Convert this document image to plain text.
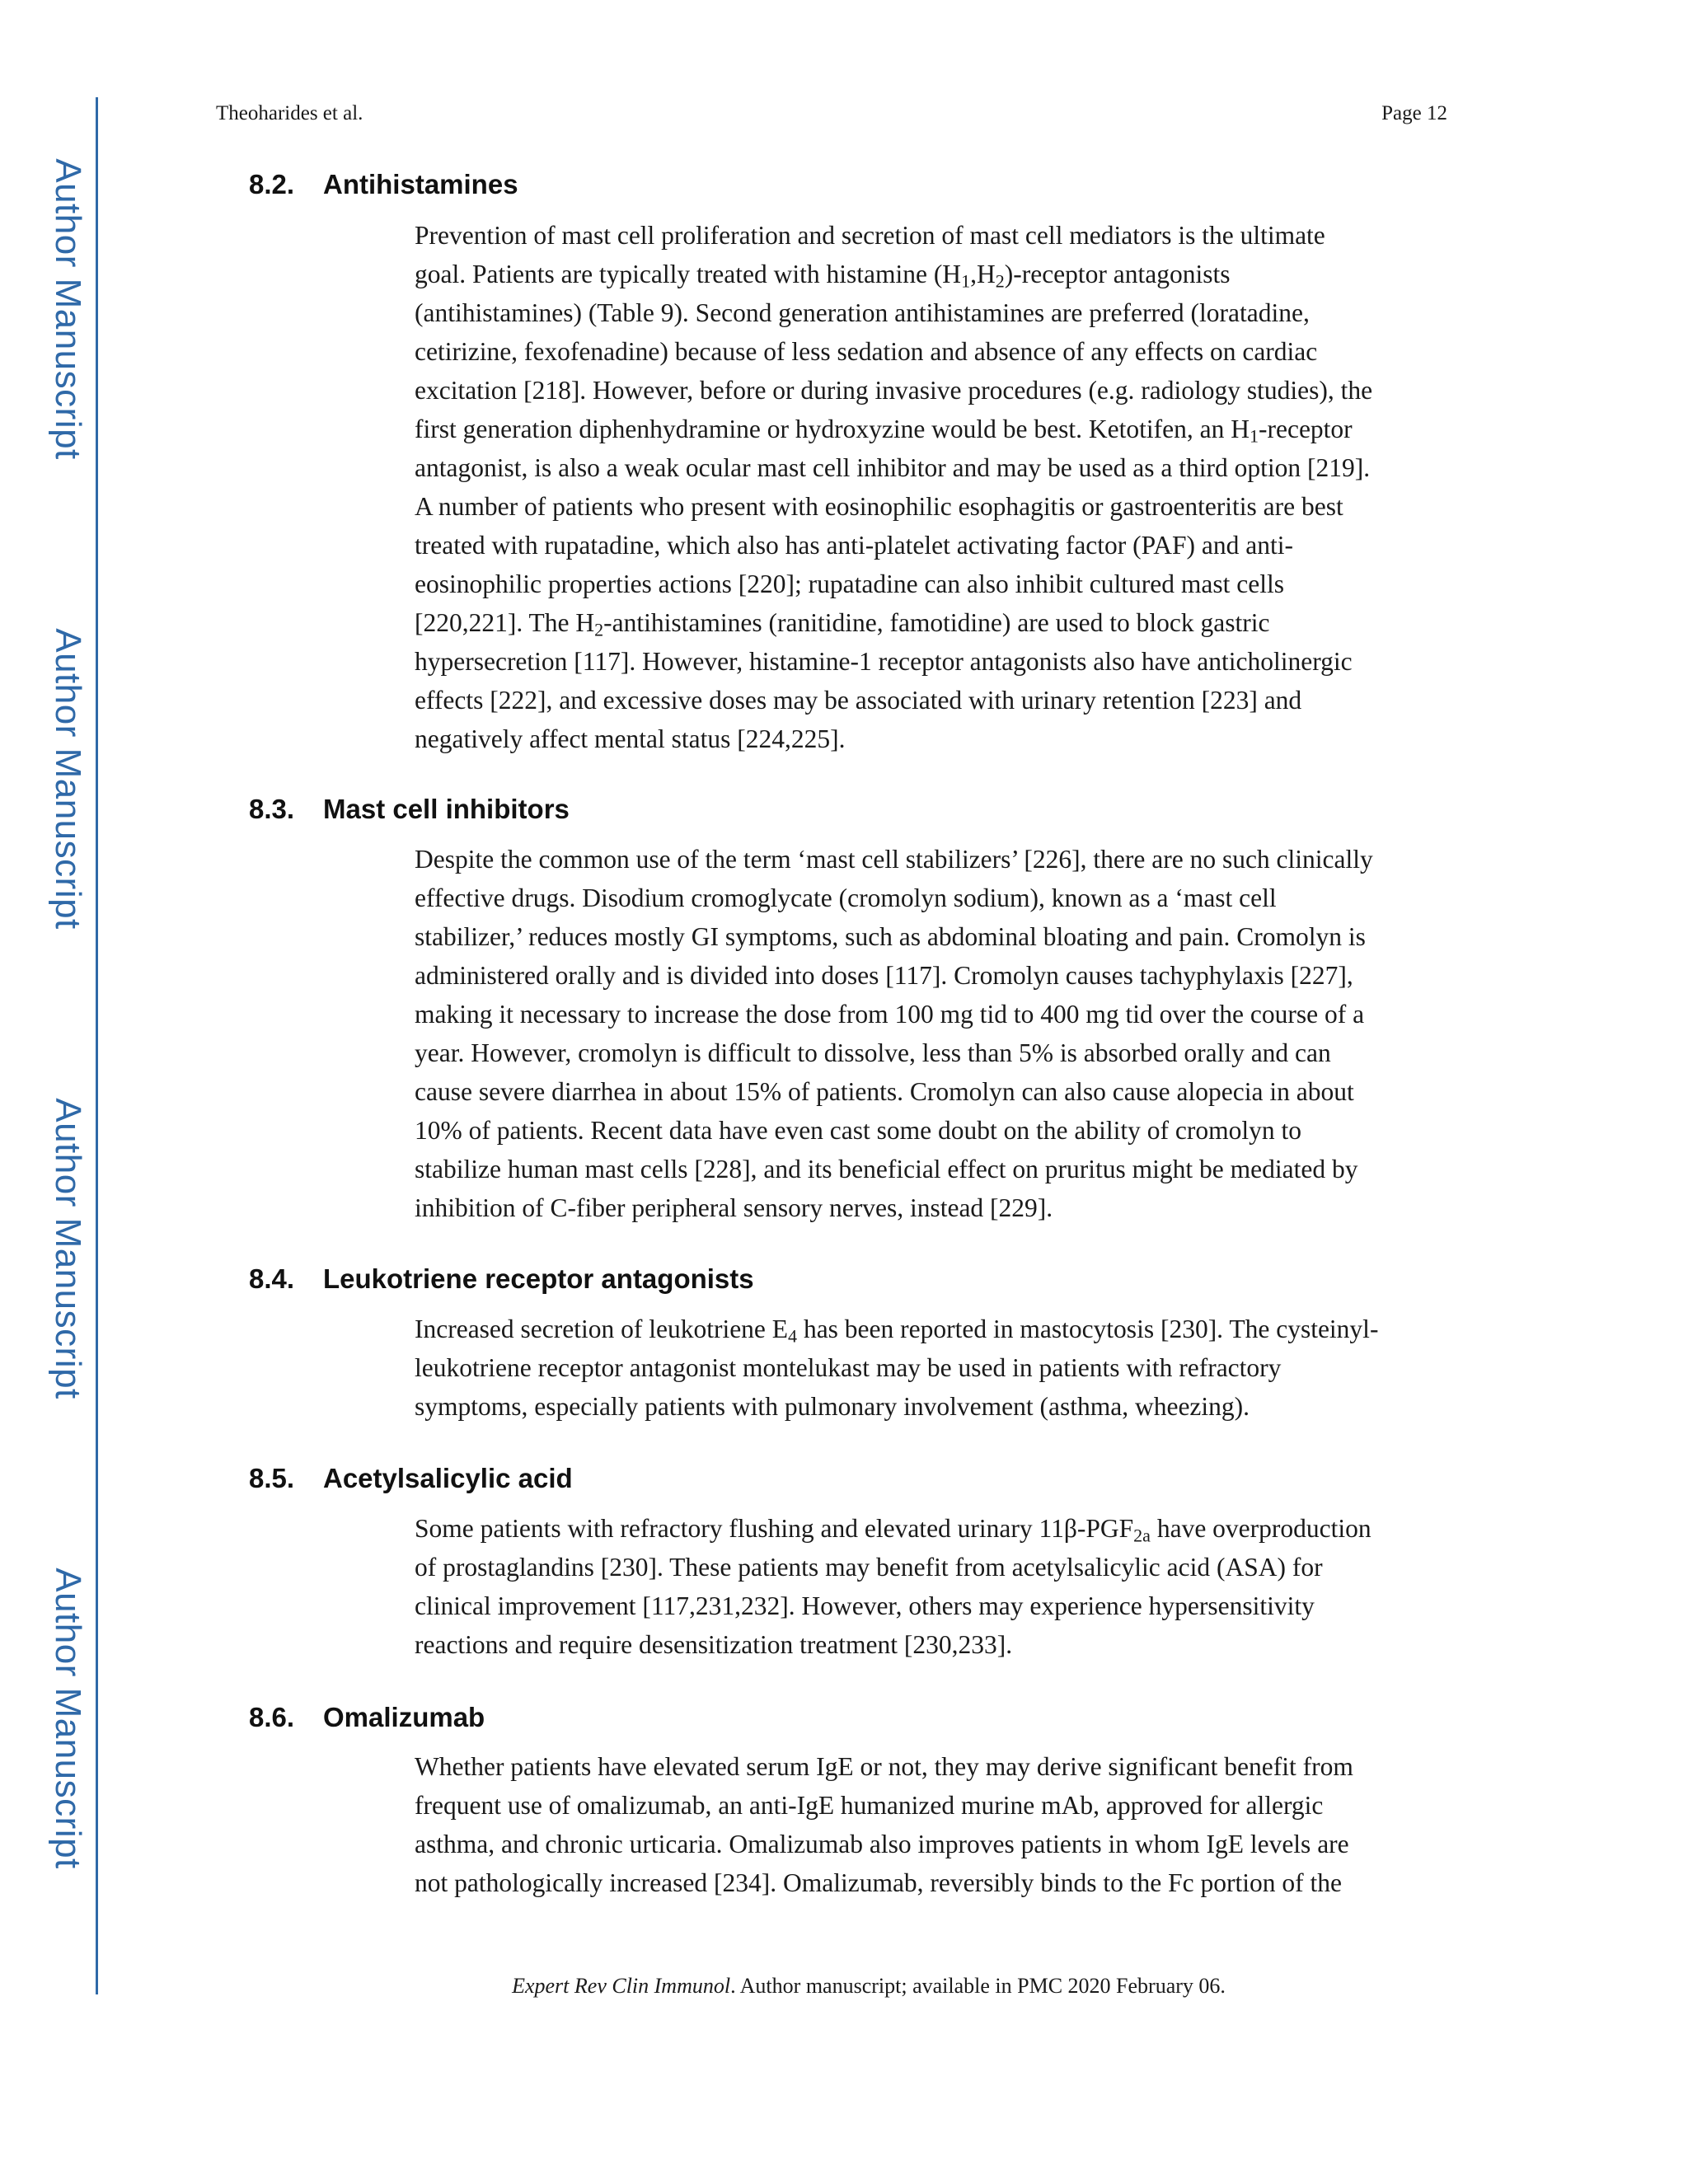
Author Manuscript
Author Manuscript
Author Manuscript
Author Manuscript
Theoharides et al.	Page 12
8.2. Antihistamines

Prevention of mast cell proliferation and secretion of mast cell mediators is the ultimate
goal. Patients are typically treated with histamine $(H_1,H_2)$-receptor antagonists
(antihistamines) (Table 9). Second generation antihistamines are preferred (loratadine,
cetirizine, fexofenadine) because of less sedation and absence of any effects on cardiac
excitation [218]. However, before or during invasive procedures (e.g. radiology studies), the
first generation diphenhydramine or hydroxyzine would be best. Ketotifen, an $H_1$-receptor
antagonist, is also a weak ocular mast cell inhibitor and may be used as a third option [219].
A number of patients who present with eosinophilic esophagitis or gastroenteritis are best
treated with rupatadine, which also has anti-platelet activating factor (PAF) and anti-
eosinophilic properties actions [220]; rupatadine can also inhibit cultured mast cells
[220,221]. The $H_2$-antihistamines (ranitidine, famotidine) are used to block gastric
hypersecretion [117]. However, histamine-1 receptor antagonists also have anticholinergic
effects [222], and excessive doses may be associated with urinary retention [223] and
negatively affect mental status [224,225].

8.3. Mast cell inhibitors

Despite the common use of the term ‘mast cell stabilizers’ [226], there are no such clinically
effective drugs. Disodium cromoglycate (cromolyn sodium), known as a ‘mast cell
stabilizer,’ reduces mostly GI symptoms, such as abdominal bloating and pain. Cromolyn is
administered orally and is divided into doses [117]. Cromolyn causes tachyphylaxis [227],
making it necessary to increase the dose from 100 mg tid to 400 mg tid over the course of a
year. However, cromolyn is difficult to dissolve, less than 5% is absorbed orally and can
cause severe diarrhea in about 15% of patients. Cromolyn can also cause alopecia in about
10% of patients. Recent data have even cast some doubt on the ability of cromolyn to
stabilize human mast cells [228], and its beneficial effect on pruritus might be mediated by
inhibition of C-fiber peripheral sensory nerves, instead [229].

8.4. Leukotriene receptor antagonists

Increased secretion of leukotriene $E_4$ has been reported in mastocytosis [230]. The cysteinyl-
leukotriene receptor antagonist montelukast may be used in patients with refractory
symptoms, especially patients with pulmonary involvement (asthma, wheezing).

8.5. Acetylsalicylic acid

Some patients with refractory flushing and elevated urinary $11\beta-PGF_{2a}$ have overproduction
of prostaglandins [230]. These patients may benefit from acetylsalicylic acid (ASA) for
clinical improvement [117,231,232]. However, others may experience hypersensitivity
reactions and require desensitization treatment [230,233].

8.6. Omalizumab

Whether patients have elevated serum IgE or not, they may derive significant benefit from
frequent use of omalizumab, an anti-IgE humanized murine mAb, approved for allergic
asthma, and chronic urticaria. Omalizumab also improves patients in whom IgE levels are
not pathologically increased [234]. Omalizumab, reversibly binds to the Fc portion of the

Expert Rev Clin Immunol. Author manuscript; available in PMC 2020 February 06.
